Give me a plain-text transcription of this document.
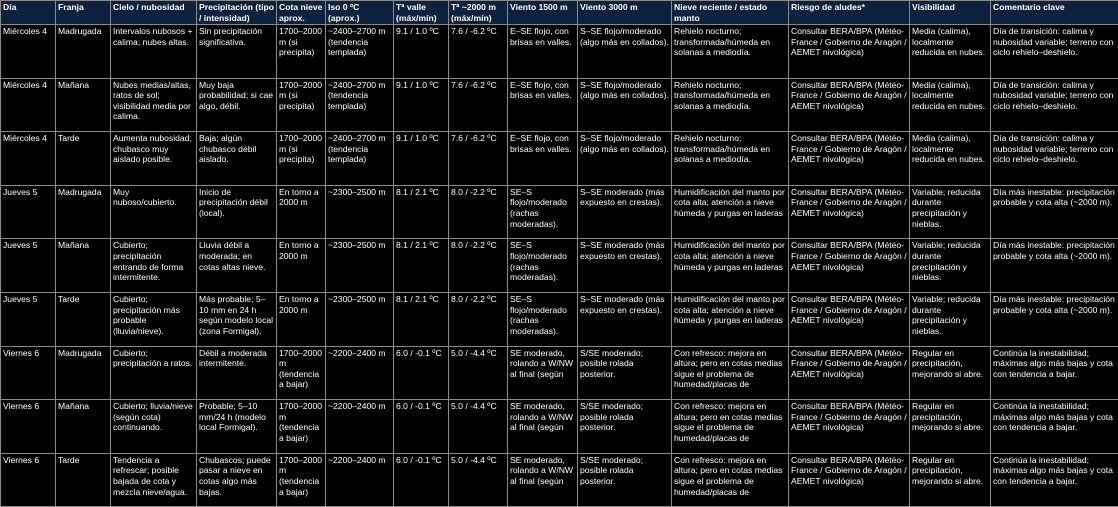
Día	Franja	Cielo / nubosidad	Precipitación (tipo / intensidad)	Cota nieve aprox.	Iso 0 ºC (aprox.)	Tª valle (máx/mín)	Tª ~2000 m (máx/mín)	Viento 1500 m	Viento 3000 m	Nieve reciente / estado manto	Riesgo de aludes*	Visibilidad	Comentario clave
Miércoles 4	Madrugada	Intervalos nubosos + calima; nubes altas.	Sin precipitación significativa.	1700–2000 m (si precipita)	~2400–2700 m (tendencia templada)	9.1 / 1.0 ºC	7.6 / -6.2 ºC	E–SE flojo, con brisas en valles.	S–SE flojo/moderado (algo más en collados).	Rehielo nocturno; transformada/húmeda en solanas a mediodía.	Consultar BERA/BPA (Météo-France / Gobierno de Aragón / AEMET nivológica)	Media (calima), localmente reducida en nubes.	Día de transición: calima y nubosidad variable; terreno con ciclo rehielo–deshielo.
Miércoles 4	Mañana	Nubes medias/altas, ratos de sol; visibilidad media por calima.	Muy baja probabilidad; si cae algo, débil.	1700–2000 m (si precipita)	~2400–2700 m (tendencia templada)	9.1 / 1.0 ºC	7.6 / -6.2 ºC	E–SE flojo, con brisas en valles.	S–SE flojo/moderado (algo más en collados).	Rehielo nocturno; transformada/húmeda en solanas a mediodía.	Consultar BERA/BPA (Météo-France / Gobierno de Aragón / AEMET nivológica)	Media (calima), localmente reducida en nubes.	Día de transición: calima y nubosidad variable; terreno con ciclo rehielo–deshielo.
Miércoles 4	Tarde	Aumenta nubosidad; chubasco muy aislado posible.	Baja; algún chubasco débil aislado.	1700–2000 m (si precipita)	~2400–2700 m (tendencia templada)	9.1 / 1.0 ºC	7.6 / -6.2 ºC	E–SE flojo, con brisas en valles.	S–SE flojo/moderado (algo más en collados).	Rehielo nocturno; transformada/húmeda en solanas a mediodía.	Consultar BERA/BPA (Météo-France / Gobierno de Aragón / AEMET nivológica)	Media (calima), localmente reducida en nubes.	Día de transición: calima y nubosidad variable; terreno con ciclo rehielo–deshielo.
Jueves 5	Madrugada	Muy nuboso/cubierto.	Inicio de precipitación débil (local).	En torno a 2000 m	~2300–2500 m	8.1 / 2.1 ºC	8.0 / -2.2 ºC	SE–S flojo/moderado (rachas moderadas).	S–SE moderado (más expuesto en crestas).	Humidificación del manto por cota alta; atención a nieve húmeda y purgas en laderas	Consultar BERA/BPA (Météo-France / Gobierno de Aragón / AEMET nivológica)	Variable; reducida durante precipitación y nieblas.	Día más inestable: precipitación probable y cota alta (~2000 m).
Jueves 5	Mañana	Cubierto; precipitación entrando de forma intermitente.	Lluvia débil a moderada; en cotas altas nieve.	En torno a 2000 m	~2300–2500 m	8.1 / 2.1 ºC	8.0 / -2.2 ºC	SE–S flojo/moderado (rachas moderadas).	S–SE moderado (más expuesto en crestas).	Humidificación del manto por cota alta; atención a nieve húmeda y purgas en laderas	Consultar BERA/BPA (Météo-France / Gobierno de Aragón / AEMET nivológica)	Variable; reducida durante precipitación y nieblas.	Día más inestable: precipitación probable y cota alta (~2000 m).
Jueves 5	Tarde	Cubierto; precipitación más probable (lluvia/nieve).	Más probable; 5–10 mm en 24 h según modelo local (zona Formigal).	En torno a 2000 m	~2300–2500 m	8.1 / 2.1 ºC	8.0 / -2.2 ºC	SE–S flojo/moderado (rachas moderadas).	S–SE moderado (más expuesto en crestas).	Humidificación del manto por cota alta; atención a nieve húmeda y purgas en laderas	Consultar BERA/BPA (Météo-France / Gobierno de Aragón / AEMET nivológica)	Variable; reducida durante precipitación y nieblas.	Día más inestable: precipitación probable y cota alta (~2000 m).
Viernes 6	Madrugada	Cubierto; precipitación a ratos.	Débil a moderada intermitente.	1700–2000 m (tendencia a bajar)	~2200–2400 m	6.0 / -0.1 ºC	5.0 / -4.4 ºC	SE moderado, rolando a W/NW al final (según	S/SE moderado; posible rolada posterior.	Con refresco: mejora en altura; pero en cotas medias sigue el problema de humedad/placas de	Consultar BERA/BPA (Météo-France / Gobierno de Aragón / AEMET nivológica)	Regular en precipitación, mejorando si abre.	Continúa la inestabilidad; máximas algo más bajas y cota con tendencia a bajar.
Viernes 6	Mañana	Cubierto; lluvia/nieve (según cota) continuando.	Probable; 5–10 mm/24 h (modelo local Formigal).	1700–2000 m (tendencia a bajar)	~2200–2400 m	6.0 / -0.1 ºC	5.0 / -4.4 ºC	SE moderado, rolando a W/NW al final (según	S/SE moderado; posible rolada posterior.	Con refresco: mejora en altura; pero en cotas medias sigue el problema de humedad/placas de	Consultar BERA/BPA (Météo-France / Gobierno de Aragón / AEMET nivológica)	Regular en precipitación, mejorando si abre.	Continúa la inestabilidad; máximas algo más bajas y cota con tendencia a bajar.
Viernes 6	Tarde	Tendencia a refrescar; posible bajada de cota y mezcla nieve/agua.	Chubascos; puede pasar a nieve en cotas algo más bajas.	1700–2000 m (tendencia a bajar)	~2200–2400 m	6.0 / -0.1 ºC	5.0 / -4.4 ºC	SE moderado, rolando a W/NW al final (según	S/SE moderado; posible rolada posterior.	Con refresco: mejora en altura; pero en cotas medias sigue el problema de humedad/placas de	Consultar BERA/BPA (Météo-France / Gobierno de Aragón / AEMET nivológica)	Regular en precipitación, mejorando si abre.	Continúa la inestabilidad; máximas algo más bajas y cota con tendencia a bajar.
